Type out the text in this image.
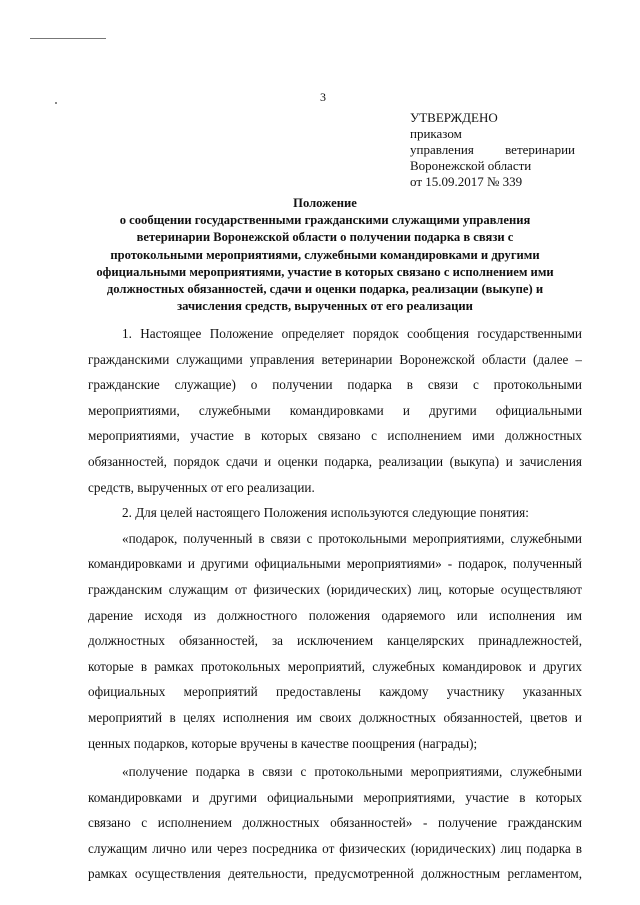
3
УТВЕРЖДЕНО
приказом
управления ветеринарии
Воронежской области
от 15.09.2017 № 339
Положение
о сообщении государственными гражданскими служащими управления
ветеринарии Воронежской области о получении подарка в связи с
протокольными мероприятиями, служебными командировками и другими
официальными мероприятиями, участие в которых связано с исполнением ими
должностных обязанностей, сдачи и оценки подарка, реализации (выкупе) и
зачисления средств, вырученных от его реализации
1. Настоящее Положение определяет порядок сообщения государственными
гражданскими служащими управления ветеринарии Воронежской области (далее –
гражданские служащие) о получении подарка в связи с протокольными
мероприятиями, служебными командировками и другими официальными
мероприятиями, участие в которых связано с исполнением ими должностных
обязанностей, порядок сдачи и оценки подарка, реализации (выкупа) и зачисления
средств, вырученных от его реализации.
2. Для целей настоящего Положения используются следующие понятия:
«подарок, полученный в связи с протокольными мероприятиями, служебными
командировками и другими официальными мероприятиями» - подарок, полученный
гражданским служащим от физических (юридических) лиц, которые осуществляют
дарение исходя из должностного положения одаряемого или исполнения им
должностных обязанностей, за исключением канцелярских принадлежностей,
которые в рамках протокольных мероприятий, служебных командировок и других
официальных мероприятий предоставлены каждому участнику указанных
мероприятий в целях исполнения им своих должностных обязанностей, цветов и
ценных подарков, которые вручены в качестве поощрения (награды);
«получение подарка в связи с протокольными мероприятиями, служебными
командировками и другими официальными мероприятиями, участие в которых
связано с исполнением должностных обязанностей» - получение гражданским
служащим лично или через посредника от физических (юридических) лиц подарка в
рамках осуществления деятельности, предусмотренной должностным регламентом,
